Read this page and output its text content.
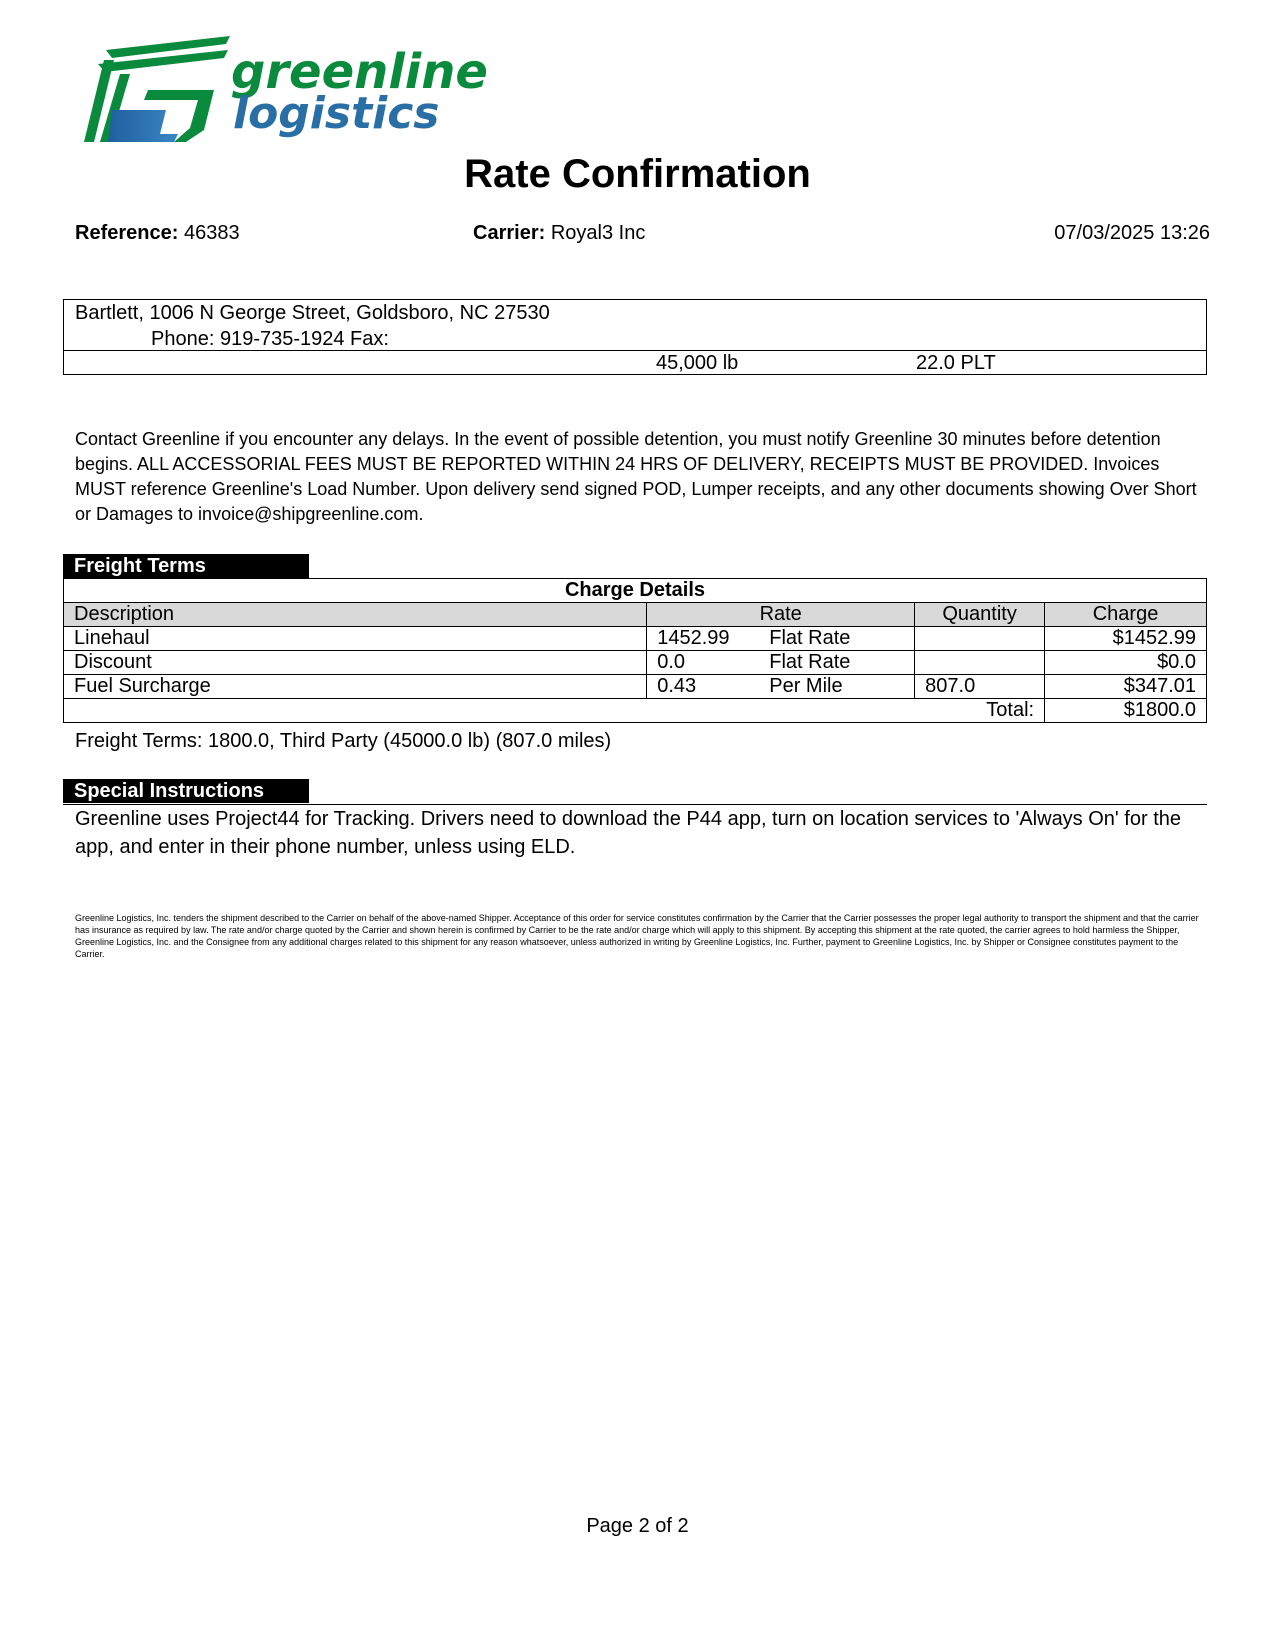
greenline
logistics
Rate Confirmation
Reference: 46383	Carrier: Royal3 Inc	07/03/2025 13:26
Bartlett, 1006 N George Street, Goldsboro, NC 27530
Phone: 919-735-1924 Fax:
45,000 lb	22.0 PLT
Contact Greenline if you encounter any delays. In the event of possible detention, you must notify Greenline 30 minutes before detention begins. ALL ACCESSORIAL FEES MUST BE REPORTED WITHIN 24 HRS OF DELIVERY, RECEIPTS MUST BE PROVIDED. Invoices MUST reference Greenline's Load Number. Upon delivery send signed POD, Lumper receipts, and any other documents showing Over Short or Damages to invoice@shipgreenline.com.
Freight Terms
Charge Details			
Description	Rate	Quantity	Charge
Linehaul	1452.99 Flat Rate		$1452.99
Discount	0.0 Flat Rate		$0.0
Fuel Surcharge	0.43 Per Mile	807.0	$347.01
Total:			$1800.0
Freight Terms: 1800.0, Third Party (45000.0 lb) (807.0 miles)
Special Instructions
Greenline uses Project44 for Tracking. Drivers need to download the P44 app, turn on location services to 'Always On' for the app, and enter in their phone number, unless using ELD.
Greenline Logistics, Inc. tenders the shipment described to the Carrier on behalf of the above-named Shipper. Acceptance of this order for service constitutes confirmation by the Carrier that the Carrier possesses the proper legal authority to transport the shipment and that the carrier has insurance as required by law. The rate and/or charge quoted by the Carrier and shown herein is confirmed by Carrier to be the rate and/or charge which will apply to this shipment. By accepting this shipment at the rate quoted, the carrier agrees to hold harmless the Shipper, Greenline Logistics, Inc. and the Consignee from any additional charges related to this shipment for any reason whatsoever, unless authorized in writing by Greenline Logistics, Inc. Further, payment to Greenline Logistics, Inc. by Shipper or Consignee constitutes payment to the Carrier.
Page 2 of 2
